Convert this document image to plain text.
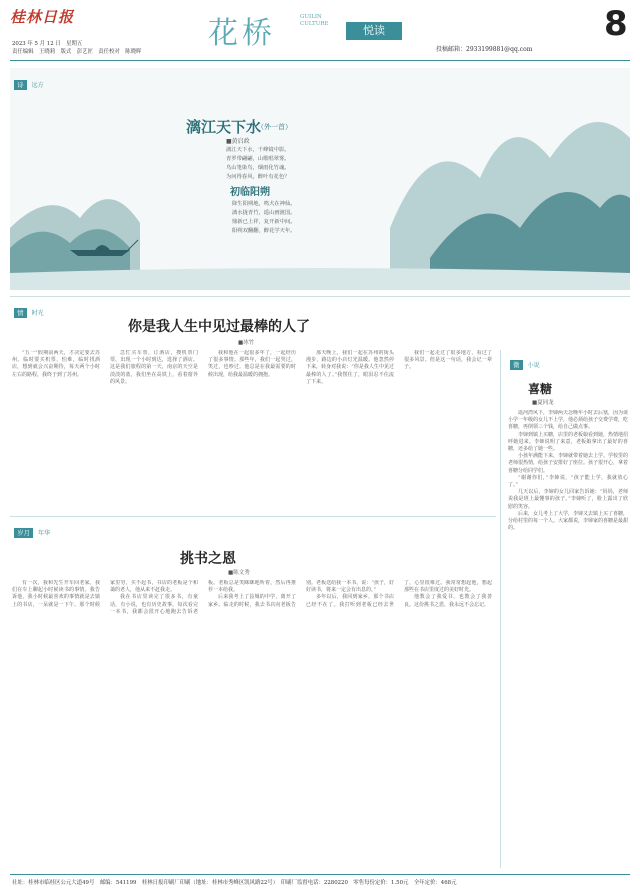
桂林日报
2023 年 5 月 12 日　星期五
责任编辑　王晓莉　版式　彭艺匠　责任校对　陈晓晖
花桥	GUILIN
CULTURE	悦读	8
投稿邮箱：2933199881@qq.com
诗 远方
漓江天下水
（外一首）
■黄启政
漓江天下水，千峰镜中影。
青罗带翩翩，山歌唱翠雾。
鸟山笔染鸟，烟雨化竹魂。
为问得春风，醉叶有花色？
初临阳朔
降生阳朔地，鸣犬在神仙。
漓水拢青竹，遥山画渡国。
鼎新已上祥，复开新中间。
阳朔双翻翻，醉花学天年。
情 时光
你是我人生中见过最棒的人了
■冰竹

“五一”假期前两天，才决定要去苏州。临时要买机票，怕难，临时找酒店，想到就会兴奋期待，每天两个小时左右的路程，我终于到了苏州。

急忙买车票，订酒店，搜机票门票，出现一个小时到达，选择了酒店。这是我们旅程的第一天，南京的天空是淡淡的蓝，我们坐在高铁上，看着窗外的风景。

我和他在一起很多年了，一起经历了很多事情。那些年，我们一起哭过，笑过，也吵过。他总是在我最需要的时候出现，给我最温暖的拥抱。

那天晚上，我们一起在苏州的街头漫步，路边的小店灯光温暖。他忽然停下来，转身对我说：“你是我人生中见过最棒的人了。”我愣住了，眼泪忍不住流了下来。

我们一起走过了很多地方，看过了很多风景。但是这一句话，我会记一辈子。

岁月 年华
挑书之恩
■陈文秀

有一次，我和先生开车回老家，我们在车上聊起小时候读书的事情。我告诉他，我小时候最喜欢的事情就是去镇上的书店，一呆就是一下午。那个时候家里穷，买不起书，书店的老板是个和蔼的老人，他从来不赶我走。

我在书店里读完了很多书，有童话，有小说，也有历史故事。每次看完一本书，我都会很开心地跑去告诉老板。老板总是笑眯眯地听着，然后再推荐一本给我。

后来我考上了县城的中学，离开了家乡。临走的时候，我去书店向老板告别。老板送给我一本书，说：“孩子，好好读书，将来一定会有出息的。”

多年以后，我回到家乡，那个书店已经不在了。我打听到老板已经去世了，心里很难过。我常常想起他，想起那些在书店里度过的美好时光。

他教会了我爱书，也教会了我善良。这份挑书之恩，我永远不会忘记。

微 小说
喜糖
■夏同龙

遥河湾风下，李婶两夫念晚年小时去后塞，因为谈小学一年级的女儿不上学，他必须给孩子交费学费，吃喜糖，再倒领三个钱，给自己做点事。

李婶到镇上买糖，店里的老板娘看到她，热情地招呼她进来。李婶说明了来意，老板娘拿出了最好的喜糖，还多给了她一些。

小孩年满能下来，李婶就带着她去上学。学校里的老师很热情，给孩子安排好了座位。孩子很开心，拿着喜糖分给同学们。

“谢谢你们，”李婶说，“孩子能上学，我就放心了。”

几天以后，李婶的女儿回家告诉她：“妈妈，老师说我是班上最懂事的孩子。”李婶听了，脸上露出了欣慰的笑容。

后来，女儿考上了大学，李婶又去镇上买了喜糖，分给村里的每一个人。大家都说，李婶家的喜糖是最甜的。

社址：桂林市临桂区公元大道49号　邮编：541199　桂林日报印刷厂印刷（地址：桂林市秀峰区凯风路22号）　印刷厂监督电话：2280220　零售每份定价：1.50元　全年定价：468元
